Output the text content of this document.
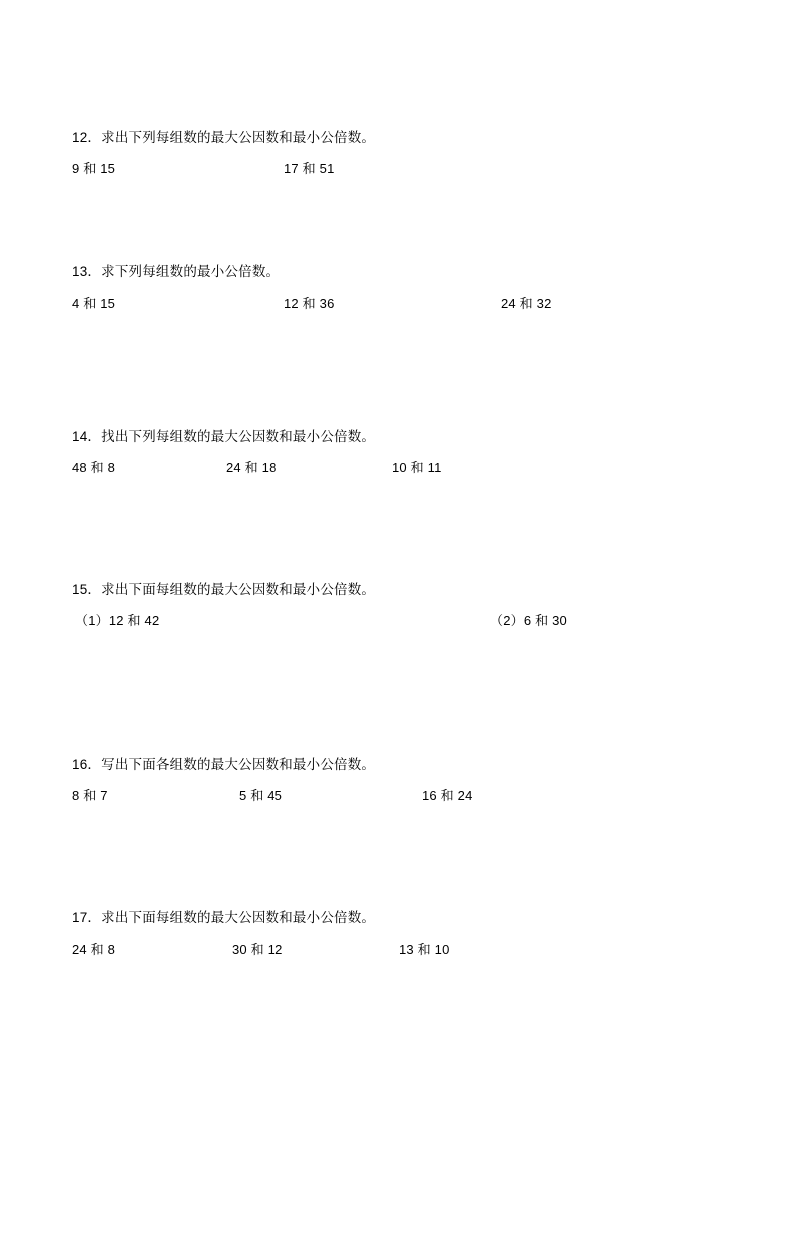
12．求出下列每组数的最大公因数和最小公倍数。
9 和 15	17 和 51
13．求下列每组数的最小公倍数。
4 和 15	12 和 36	24 和 32
14．找出下列每组数的最大公因数和最小公倍数。
48 和 8	24 和 18	10 和 11
15．求出下面每组数的最大公因数和最小公倍数。
（1）12 和 42	（2）6 和 30
16．写出下面各组数的最大公因数和最小公倍数。
8 和 7	5 和 45	16 和 24
17．求出下面每组数的最大公因数和最小公倍数。
24 和 8	30 和 12	13 和 10
